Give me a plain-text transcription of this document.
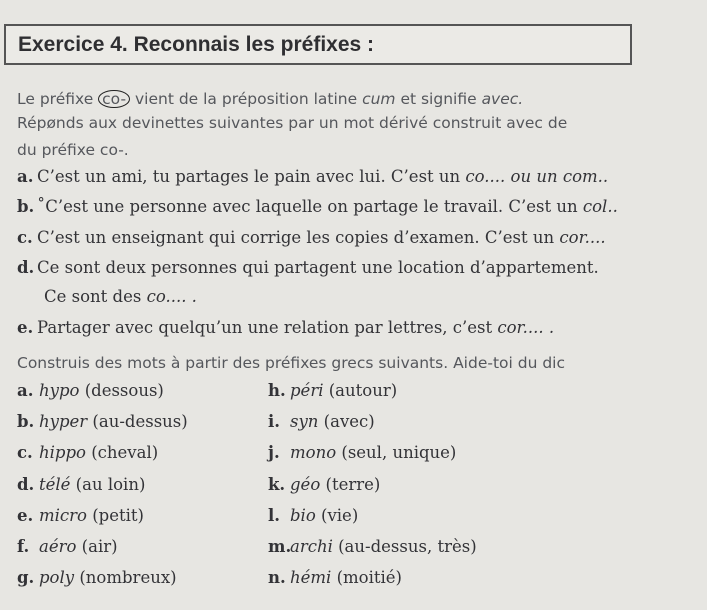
Exercice 4. Reconnais les préfixes :
Le préfixe co- vient de la préposition latine cum et signifie avec.
Répønds aux devinettes suivantes par un mot dérivé construit avec de
du préfixe co-.
a. C’est un ami, tu partages le pain avec lui. C’est un co.... ou un com..
b. ˚C’est une personne avec laquelle on partage le travail. C’est un col..
c. C’est un enseignant qui corrige les copies d’examen. C’est un cor....
d. Ce sont deux personnes qui partagent une location d’appartement.
Ce sont des co.... .
e. Partager avec quelqu’un une relation par lettres, c’est cor.... .
Construis des mots à partir des préfixes grecs suivants. Aide-toi du dic
a. hypo (dessous)
b. hyper (au-dessus)
c. hippo (cheval)
d. télé (au loin)
e. micro (petit)
f. aéro (air)
g. poly (nombreux)
h. péri (autour)
i. syn (avec)
j. mono (seul, unique)
k. géo (terre)
l. bio (vie)
m.archi (au-dessus, très)
n. hémi (moitié)
